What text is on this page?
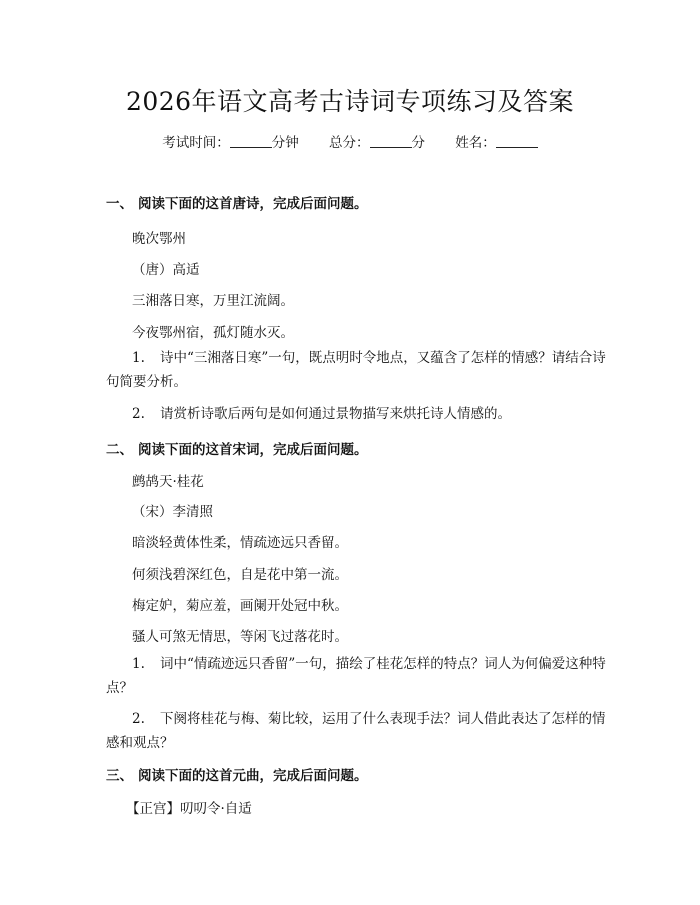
2026年语文高考古诗词专项练习及答案
考试时间：	分钟 总分：	分 姓名：
一、 阅读下面的这首唐诗，完成后面问题。
晚次鄂州
（唐）高适
三湘落日寒，万里江流阔。
今夜鄂州宿，孤灯随水灭。
1. 诗中“三湘落日寒”一句，既点明时令地点，又蕴含了怎样的情感？请结合诗句简要分析。
2. 请赏析诗歌后两句是如何通过景物描写来烘托诗人情感的。
二、 阅读下面的这首宋词，完成后面问题。
鹧鸪天·桂花
（宋）李清照
暗淡轻黄体性柔，情疏迹远只香留。
何须浅碧深红色，自是花中第一流。
梅定妒，菊应羞，画阑开处冠中秋。
骚人可煞无情思，等闲飞过落花时。
1. 词中“情疏迹远只香留”一句，描绘了桂花怎样的特点？词人为何偏爱这种特点？
2. 下阕将桂花与梅、菊比较，运用了什么表现手法？词人借此表达了怎样的情感和观点？
三、 阅读下面的这首元曲，完成后面问题。
【正宫】叨叨令·自适
